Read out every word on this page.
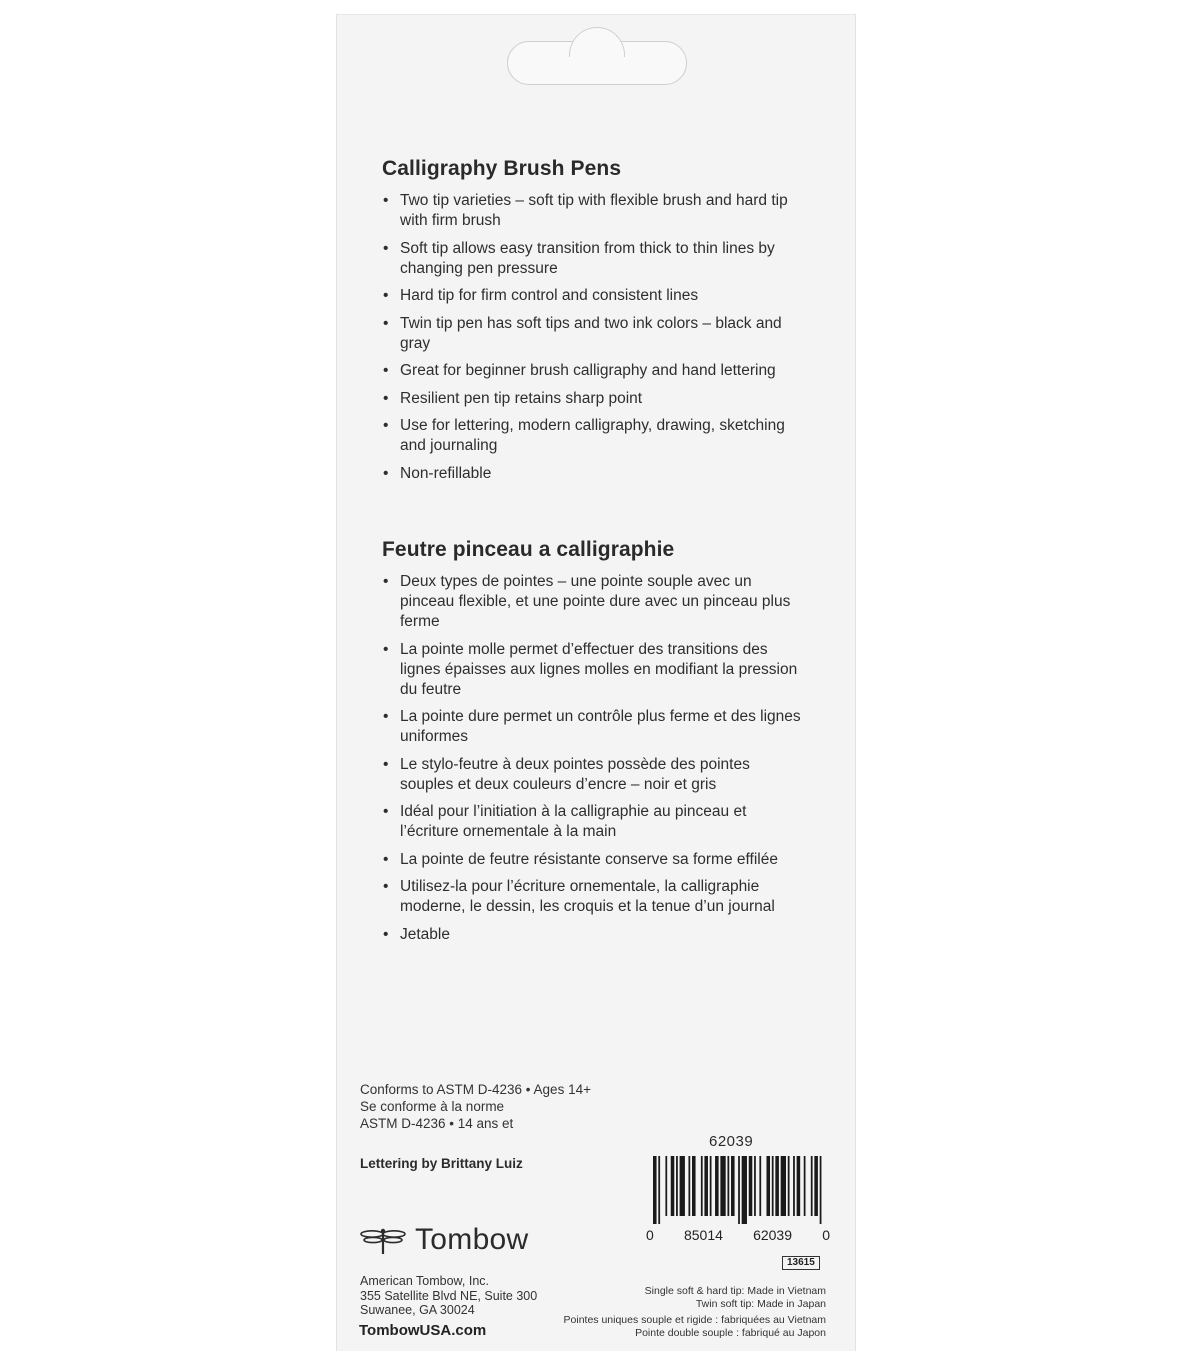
Calligraphy Brush Pens
• Two tip varieties – soft tip with flexible brush and hard tip with firm brush
• Soft tip allows easy transition from thick to thin lines by changing pen pressure
• Hard tip for firm control and consistent lines
• Twin tip pen has soft tips and two ink colors – black and gray
• Great for beginner brush calligraphy and hand lettering
• Resilient pen tip retains sharp point
• Use for lettering, modern calligraphy, drawing, sketching and journaling
• Non-refillable
Feutre pinceau a calligraphie
• Deux types de pointes – une pointe souple avec un pinceau flexible, et une pointe dure avec un pinceau plus ferme
• La pointe molle permet d’effectuer des transitions des lignes épaisses aux lignes molles en modifiant la pression du feutre
• La pointe dure permet un contrôle plus ferme et des lignes uniformes
• Le stylo-feutre à deux pointes possède des pointes souples et deux couleurs d’encre – noir et gris
• Idéal pour l’initiation à la calligraphie au pinceau et l’écriture ornementale à la main
• La pointe de feutre résistante conserve sa forme effilée
• Utilisez-la pour l’écriture ornementale, la calligraphie moderne, le dessin, les croquis et la tenue d’un journal
• Jetable
Conforms to ASTM D-4236 • Ages 14+
Se conforme à la norme
ASTM D-4236 • 14 ans et
Lettering by Brittany Luiz
Tombow
American Tombow, Inc.
355 Satellite Blvd NE, Suite 300
Suwanee, GA 30024
TombowUSA.com
62039
0 85014 62039 0
13615

Single soft & hard tip: Made in Vietnam

Twin soft tip: Made in Japan

Pointes uniques souple et rigide : fabriquées au Vietnam

Pointe double souple : fabriqué au Japon
